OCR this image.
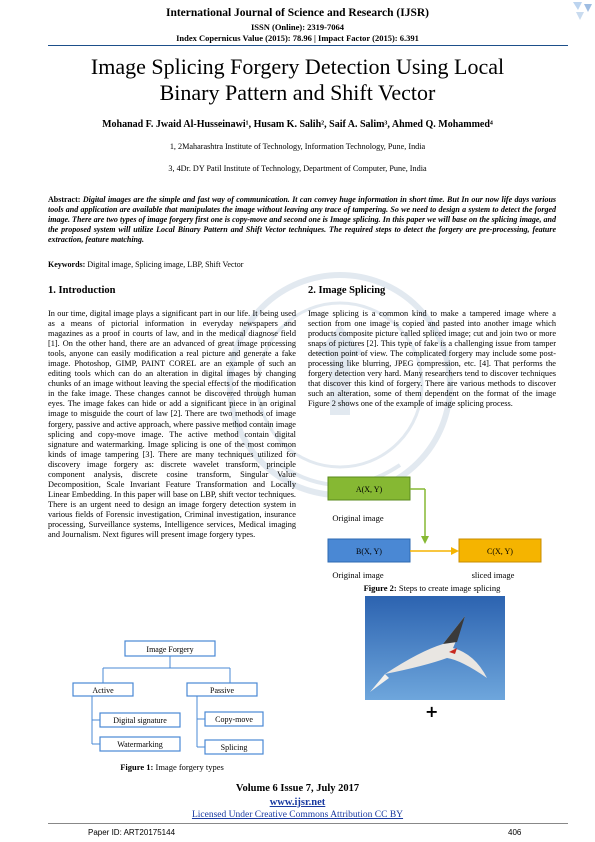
International Journal of Science and Research (IJSR)
ISSN (Online): 2319-7064
Index Copernicus Value (2015): 78.96 | Impact Factor (2015): 6.391
Image Splicing Forgery Detection Using Local
Binary Pattern and Shift Vector
Mohanad F. Jwaid Al-Husseinawi¹, Husam K. Salih², Saif A. Salim³, Ahmed Q. Mohammed⁴
1, 2Maharashtra Institute of Technology, Information Technology, Pune, India
3, 4Dr. DY Patil Institute of Technology, Department of Computer, Pune, India
Abstract: Digital images are the simple and fast way of communication. It can convey huge information in short time. But In our now life days various tools and application are available that manipulates the image without leaving any trace of tampering. So we need to design a system to detect the forged image. There are two types of image forgery first one is copy-move and second one is Image splicing. In this paper we will base on the splicing image, and the proposed system will utilize Local Binary Pattern and Shift Vector techniques. The required steps to detect the forgery are pre-processing, feature extraction, feature matching.
Keywords: Digital image, Splicing image, LBP, Shift Vector
1. Introduction	2. Image Splicing

In our time, digital image plays a significant part in our life. It being used as a means of pictorial information in everyday newspapers and magazines as a proof in courts of law, and in the medical diagnose field [1]. On the other hand, there are an advanced of great image processing tools, anyone can easily modification a real picture and generate a fake image. Photoshop, GIMP, PAINT COREL are an example of such an editing tools which can do an alteration in digital images by changing chunks of an image without leaving the special effects of the modification in the fake image. These changes cannot be discovered through human eyes. The image fakes can hide or add a significant piece in an original image to misguide the court of law [2]. There are two methods of image forgery, passive and active approach, where passive method contain image splicing and copy-move image. The active method contain digital signature and watermarking. Image splicing is one of the most common kinds of image tampering [3]. There are many techniques utilized for discovery image forgery as: discrete wavelet transform, principle component analysis, discrete cosine transform, Singular Value Decomposition, Scale Invariant Feature Transformation and Locally Linear Embedding. In this paper will base on LBP, shift vector techniques. There is an urgent need to design an image forgery detection system in various fields of Forensic investigation, Criminal investigation, insurance processing, Surveillance systems, Intelligence services, Medical imaging and Journalism. Next figures will present image forgery types.

Image splicing is a common kind to make a tampered image where a section from one image is copied and pasted into another image which products composite picture called spliced image; cut and join two or more snaps of pictures [2]. This type of fake is a challenging issue from tamper detection point of view. The complicated forgery may include some post-processing like blurring, JPEG compression, etc. [4]. That performs the forgery detection very hard. Many researchers tend to discover techniques that discover this kind of forgery. There are various methods to discover such an alteration, some of them dependent on the format of the image Figure 2 shows one of the example of image splicing process.

Image Forgery
Active	Passive
Digital signature
Watermarking
Copy-move
Splicing
Figure 1: Image forgery types
A(X, Y)
Original image
B(X, Y)
Original image
C(X, Y)
sliced image
Figure 2: Steps to create image splicing
+
Volume 6 Issue 7, July 2017
www.ijsr.net
Licensed Under Creative Commons Attribution CC BY
Paper ID: ART20175144	406
